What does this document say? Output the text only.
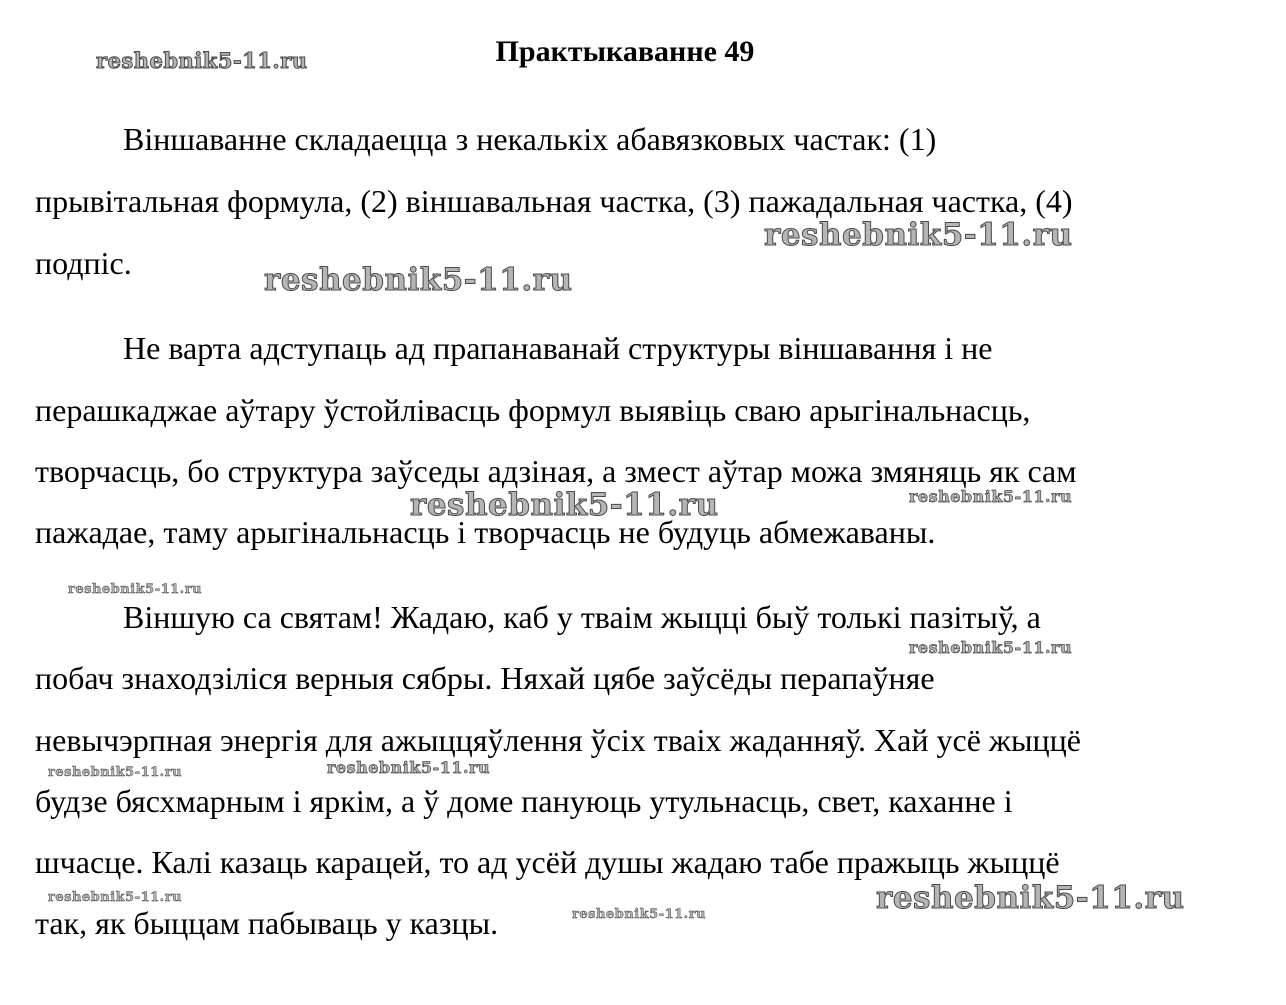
Практыкаванне 49

Віншаванне складаецца з некалькіх абавязковых частак: (1)

прывітальная формула, (2) віншавальная частка, (3) пажадальная частка, (4)

подпіс.

Не варта адступаць ад прапанаванай структуры віншавання і не

перашкаджае аўтару ўстойлівасць формул выявіць сваю арыгінальнасць,

творчасць, бо структура заўседы адзіная, а змест аўтар можа змяняць як сам

пажадае, таму арыгінальнасць і творчасць не будуць абмежаваны.

Віншую са святам! Жадаю, каб у тваім жыцці быў толькі пазітыў, а

побач знаходзіліся верныя сябры. Няхай цябе заўсёды перапаўняе

невычэрпная энергія для ажыццяўлення ўсіх тваіх жаданняў. Хай усё жыццё

будзе бясхмарным і яркім, а ў доме пануюць утульнасць, свет, каханне і

шчасце. Калі казаць карацей, то ад усёй душы жадаю табе пражыць жыццё

так, як быццам пабываць у казцы.

reshebnik5-11.ru
reshebnik5-11.ru
reshebnik5-11.ru
reshebnik5-11.ru	reshebnik5-11.ru
reshebnik5-11.ru
reshebnik5-11.ru
reshebnik5-11.ru	reshebnik5-11.ru
reshebnik5-11.ru	reshebnik5-11.ru
reshebnik5-11.ru
